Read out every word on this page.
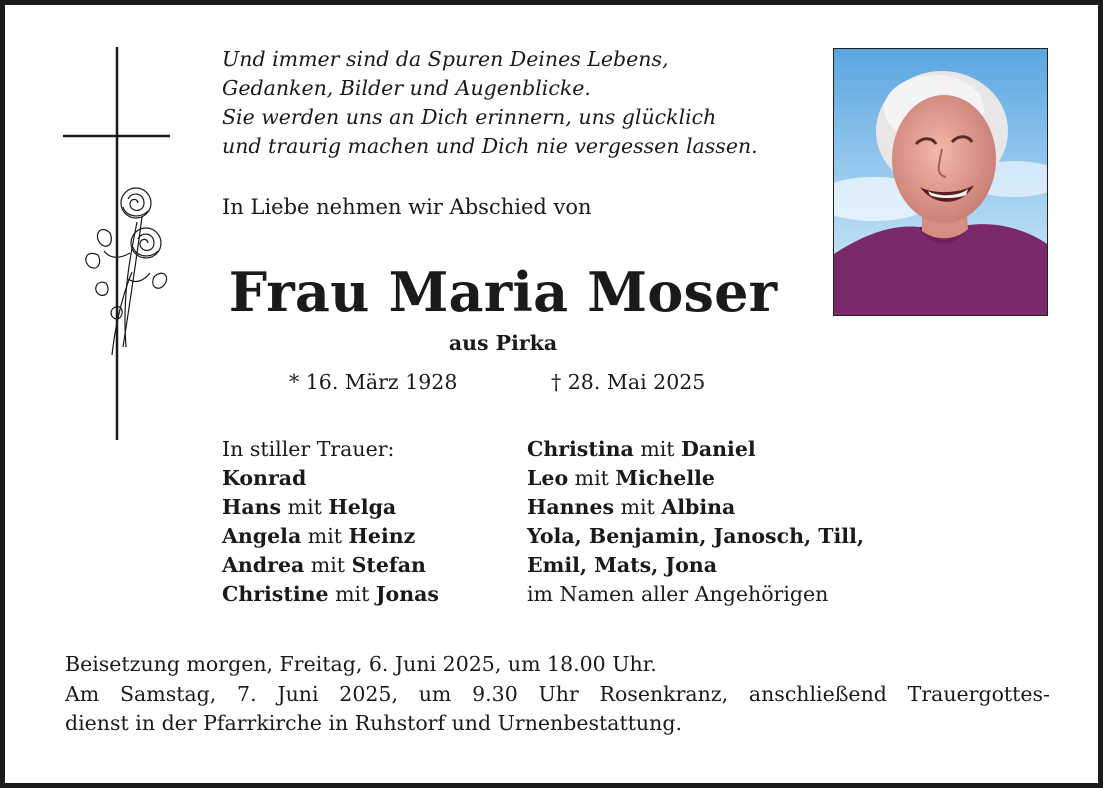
Und immer sind da Spuren Deines Lebens,
Gedanken, Bilder und Augenblicke.
Sie werden uns an Dich erinnern, uns glücklich
und traurig machen und Dich nie vergessen lassen.
In Liebe nehmen wir Abschied von
Frau Maria Moser
aus Pirka
* 16. März 1928	† 28. Mai 2025
In stiller Trauer:
Konrad
Hans mit Helga
Angela mit Heinz
Andrea mit Stefan
Christine mit Jonas
Christina mit Daniel
Leo mit Michelle
Hannes mit Albina
Yola, Benjamin, Janosch, Till,
Emil, Mats, Jona
im Namen aller Angehörigen
Beisetzung morgen, Freitag, 6. Juni 2025, um 18.00 Uhr.
Am Samstag, 7. Juni 2025, um 9.30 Uhr Rosenkranz, anschließend Trauergottes-
dienst in der Pfarrkirche in Ruhstorf und Urnenbestattung.
